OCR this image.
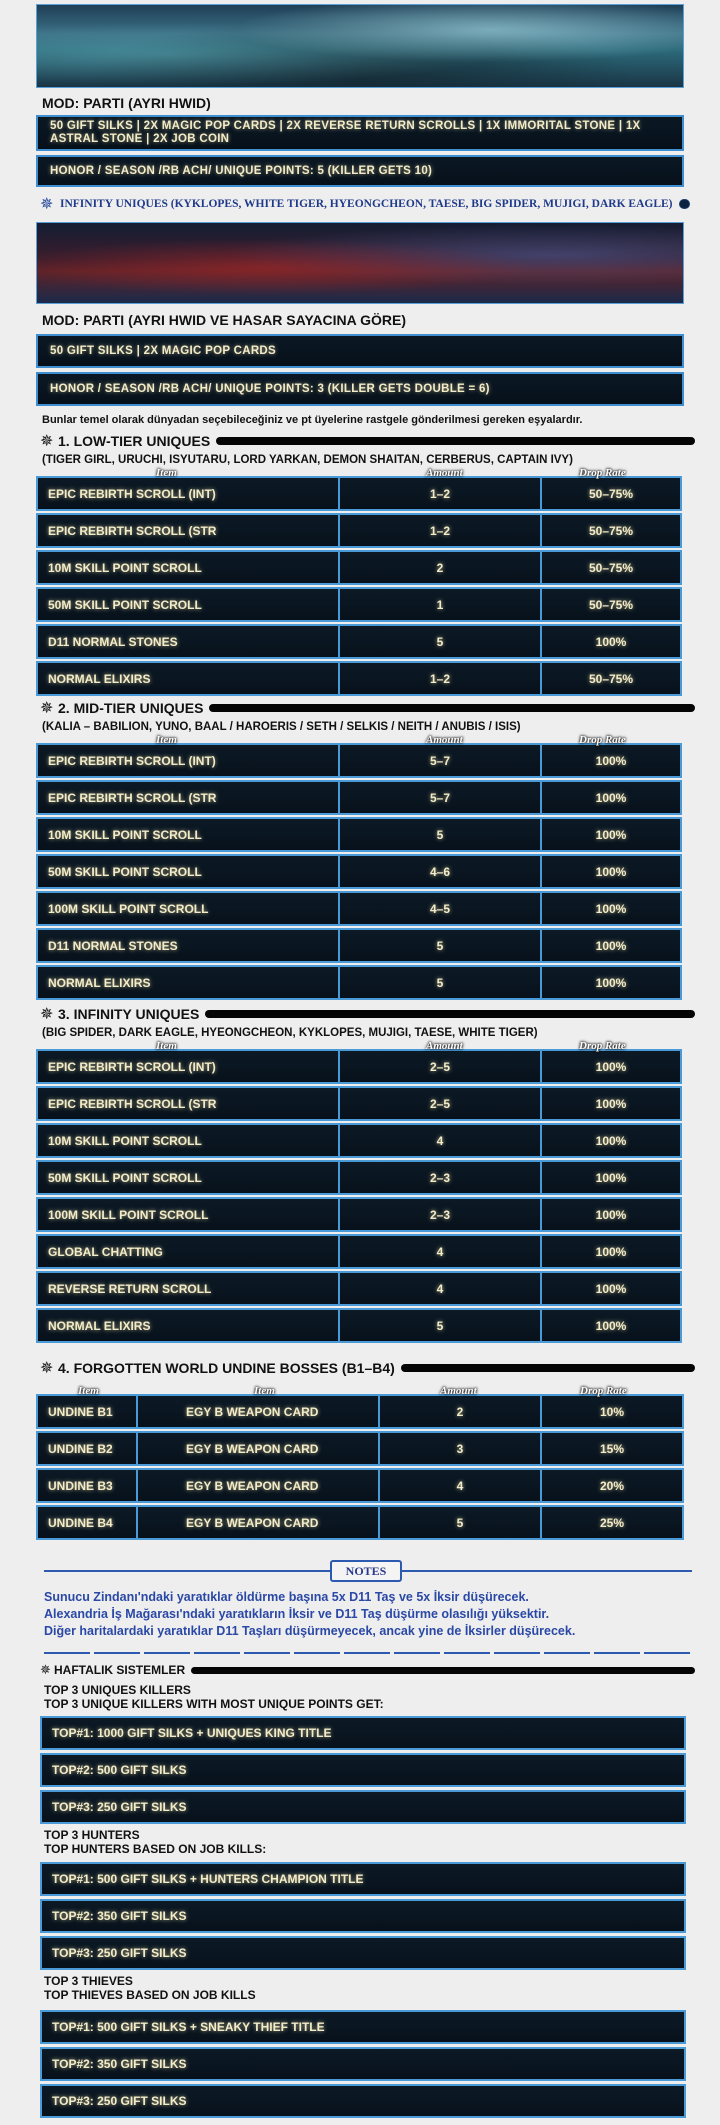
MOD: PARTI (AYRI HWID)
50 GIFT SILKS | 2X MAGIC POP CARDS | 2X REVERSE RETURN SCROLLS | 1X IMMORITAL STONE | 1X ASTRAL STONE | 2X JOB COIN
HONOR / SEASON /RB ACH/ UNIQUE POINTS: 5 (KILLER GETS 10)
✵ INFINITY UNIQUES (KYKLOPES, WHITE TIGER, HYEONGCHEON, TAESE, BIG SPIDER, MUJIGI, DARK EAGLE)
MOD: PARTI (AYRI HWID VE HASAR SAYACINA GÖRE)
50 GIFT SILKS | 2X MAGIC POP CARDS
HONOR / SEASON /RB ACH/ UNIQUE POINTS: 3 (KILLER GETS DOUBLE = 6)
Bunlar temel olarak dünyadan seçebileceğiniz ve pt üyelerine rastgele gönderilmesi gereken eşyalardır.
✵ 1. LOW-TIER UNIQUES
(TIGER GIRL, URUCHI, ISYUTARU, LORD YARKAN, DEMON SHAITAN, CERBERUS, CAPTAIN IVY)
Item	Amount	Drop Rate
EPIC REBIRTH SCROLL (INT)	1–2	50–75%
EPIC REBIRTH SCROLL (STR	1–2	50–75%
10M SKILL POINT SCROLL	2	50–75%
50M SKILL POINT SCROLL	1	50–75%
D11 NORMAL STONES	5	100%
NORMAL ELIXIRS	1–2	50–75%
✵ 2. MID-TIER UNIQUES
(KALIA – BABILION, YUNO, BAAL / HAROERIS / SETH / SELKIS / NEITH / ANUBIS / ISIS)
Item	Amount	Drop Rate
EPIC REBIRTH SCROLL (INT)	5–7	100%
EPIC REBIRTH SCROLL (STR	5–7	100%
10M SKILL POINT SCROLL	5	100%
50M SKILL POINT SCROLL	4–6	100%
100M SKILL POINT SCROLL	4–5	100%
D11 NORMAL STONES	5	100%
NORMAL ELIXIRS	5	100%
✵ 3. INFINITY UNIQUES
(BIG SPIDER, DARK EAGLE, HYEONGCHEON, KYKLOPES, MUJIGI, TAESE, WHITE TIGER)
Item	Amount	Drop Rate
EPIC REBIRTH SCROLL (INT)	2–5	100%
EPIC REBIRTH SCROLL (STR	2–5	100%
10M SKILL POINT SCROLL	4	100%
50M SKILL POINT SCROLL	2–3	100%
100M SKILL POINT SCROLL	2–3	100%
GLOBAL CHATTING	4	100%
REVERSE RETURN SCROLL	4	100%
NORMAL ELIXIRS	5	100%
✵ 4. FORGOTTEN WORLD UNDINE BOSSES (B1–B4)
Item	Item	Amount	Drop Rate
UNDINE B1	EGY B WEAPON CARD	2	10%
UNDINE B2	EGY B WEAPON CARD	3	15%
UNDINE B3	EGY B WEAPON CARD	4	20%
UNDINE B4	EGY B WEAPON CARD	5	25%
NOTES
Sunucu Zindanı'ndaki yaratıklar öldürme başına 5x D11 Taş ve 5x İksir düşürecek.
Alexandria İş Mağarası'ndaki yaratıkların İksir ve D11 Taş düşürme olasılığı yüksektir.
Diğer haritalardaki yaratıklar D11 Taşları düşürmeyecek, ancak yine de İksirler düşürecek.
✵ HAFTALIK SISTEMLER
TOP 3 UNIQUES KILLERS
TOP 3 UNIQUE KILLERS WITH MOST UNIQUE POINTS GET:
TOP#1: 1000 GIFT SILKS + UNIQUES KING TITLE
TOP#2: 500 GIFT SILKS
TOP#3: 250 GIFT SILKS
TOP 3 HUNTERS
TOP HUNTERS BASED ON JOB KILLS:
TOP#1: 500 GIFT SILKS + HUNTERS CHAMPION TITLE
TOP#2: 350 GIFT SILKS
TOP#3: 250 GIFT SILKS
TOP 3 THIEVES
TOP THIEVES BASED ON JOB KILLS
TOP#1: 500 GIFT SILKS + SNEAKY THIEF TITLE
TOP#2: 350 GIFT SILKS
TOP#3: 250 GIFT SILKS
